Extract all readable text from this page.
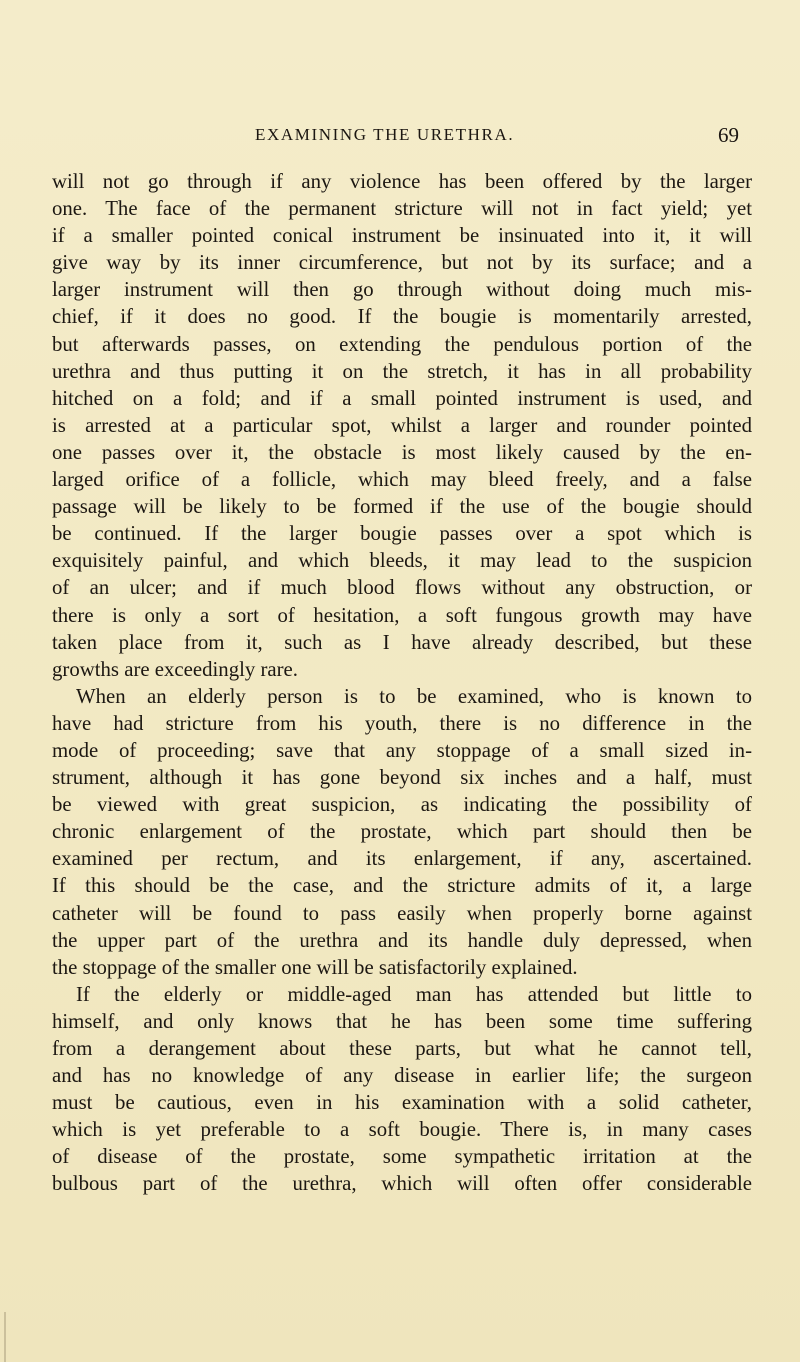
EXAMINING THE URETHRA.	69
will not go through if any violence has been offered by the larger
one. The face of the permanent stricture will not in fact yield; yet
if a smaller pointed conical instrument be insinuated into it, it will
give way by its inner circumference, but not by its surface; and a
larger instrument will then go through without doing much mis-
chief, if it does no good. If the bougie is momentarily arrested,
but afterwards passes, on extending the pendulous portion of the
urethra and thus putting it on the stretch, it has in all probability
hitched on a fold; and if a small pointed instrument is used, and
is arrested at a particular spot, whilst a larger and rounder pointed
one passes over it, the obstacle is most likely caused by the en-
larged orifice of a follicle, which may bleed freely, and a false
passage will be likely to be formed if the use of the bougie should
be continued. If the larger bougie passes over a spot which is
exquisitely painful, and which bleeds, it may lead to the suspicion
of an ulcer; and if much blood flows without any obstruction, or
there is only a sort of hesitation, a soft fungous growth may have
taken place from it, such as I have already described, but these
growths are exceedingly rare.
When an elderly person is to be examined, who is known to
have had stricture from his youth, there is no difference in the
mode of proceeding; save that any stoppage of a small sized in-
strument, although it has gone beyond six inches and a half, must
be viewed with great suspicion, as indicating the possibility of
chronic enlargement of the prostate, which part should then be
examined per rectum, and its enlargement, if any, ascertained.
If this should be the case, and the stricture admits of it, a large
catheter will be found to pass easily when properly borne against
the upper part of the urethra and its handle duly depressed, when
the stoppage of the smaller one will be satisfactorily explained.
If the elderly or middle-aged man has attended but little to
himself, and only knows that he has been some time suffering
from a derangement about these parts, but what he cannot tell,
and has no knowledge of any disease in earlier life; the surgeon
must be cautious, even in his examination with a solid catheter,
which is yet preferable to a soft bougie. There is, in many cases
of disease of the prostate, some sympathetic irritation at the
bulbous part of the urethra, which will often offer considerable
